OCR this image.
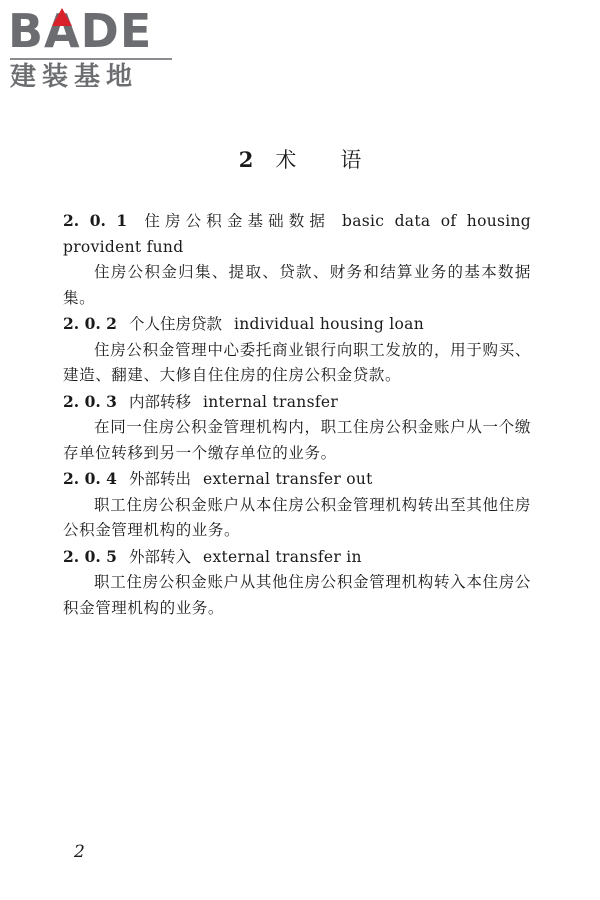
BADE
建装基地
2 术 语

2. 0. 1 住房公积金基础数据 basic data of housing provident fund

住房公积金归集、提取、贷款、财务和结算业务的基本数据集。

2. 0. 2 个人住房贷款 individual housing loan

住房公积金管理中心委托商业银行向职工发放的，用于购买、建造、翻建、大修自住住房的住房公积金贷款。

2. 0. 3 内部转移 internal transfer

在同一住房公积金管理机构内，职工住房公积金账户从一个缴存单位转移到另一个缴存单位的业务。

2. 0. 4 外部转出 external transfer out

职工住房公积金账户从本住房公积金管理机构转出至其他住房公积金管理机构的业务。

2. 0. 5 外部转入 external transfer in

职工住房公积金账户从其他住房公积金管理机构转入本住房公积金管理机构的业务。

2
